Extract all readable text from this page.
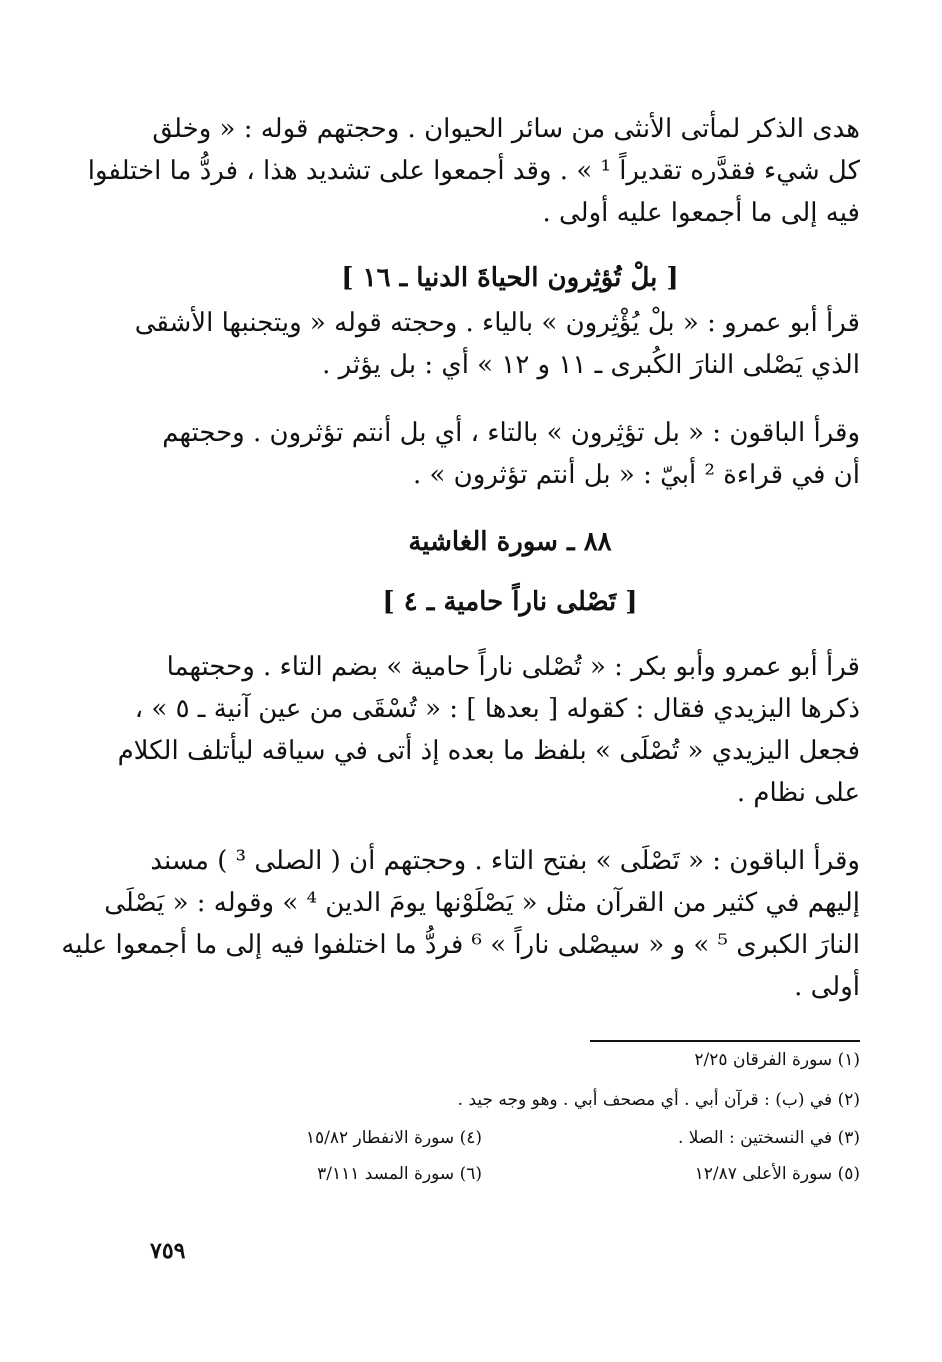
هدى الذكر لمأتى الأنثى من سائر الحيوان . وحجتهم قوله : « وخلق
كل شيء فقدَّره تقديراً ¹ » . وقد أجمعوا على تشديد هذا ، فردُّ ما اختلفوا
فيه إلى ما أجمعوا عليه أولى .
[ بلْ تُؤثِرون الحياةَ الدنيا ـ ١٦ ]
قرأ أبو عمرو : « بلْ يُؤْثِرون » بالياء . وحجته قوله « ويتجنبها الأشقى
الذي يَصْلى النارَ الكُبرى ـ ١١ و ١٢ » أي : بل يؤثر .
وقرأ الباقون : « بل تؤثِرون » بالتاء ، أي بل أنتم تؤثرون . وحجتهم
أن في قراءة ² أبيّ : « بل أنتم تؤثرون » .
٨٨ ـ سورة الغاشية
[ تَصْلى ناراً حامية ـ ٤ ]
قرأ أبو عمرو وأبو بكر : « تُصْلى ناراً حامية » بضم التاء . وحجتهما
ذكرها اليزيدي فقال : كقوله [ بعدها ] : « تُسْقَى من عين آنية ـ ٥ » ،
فجعل اليزيدي « تُصْلَى » بلفظ ما بعده إذ أتى في سياقه ليأتلف الكلام
على نظام .
وقرأ الباقون : « تَصْلَى » بفتح التاء . وحجتهم أن ( الصلى ³ ) مسند
إليهم في كثير من القرآن مثل « يَصْلَوْنها يومَ الدين ⁴ » وقوله : « يَصْلَى
النارَ الكبرى ⁵ » و « سيصْلى ناراً » ⁶ فردُّ ما اختلفوا فيه إلى ما أجمعوا عليه
أولى .
(١) سورة الفرقان ٢/٢٥
(٢) في (ب) : قرآن أبي . أي مصحف أبي . وهو وجه جيد .
(٣) في النسختين : الصلا .
(٤) سورة الانفطار ١٥/٨٢
(٥) سورة الأعلى ١٢/٨٧
(٦) سورة المسد ٣/١١١
٧٥٩
